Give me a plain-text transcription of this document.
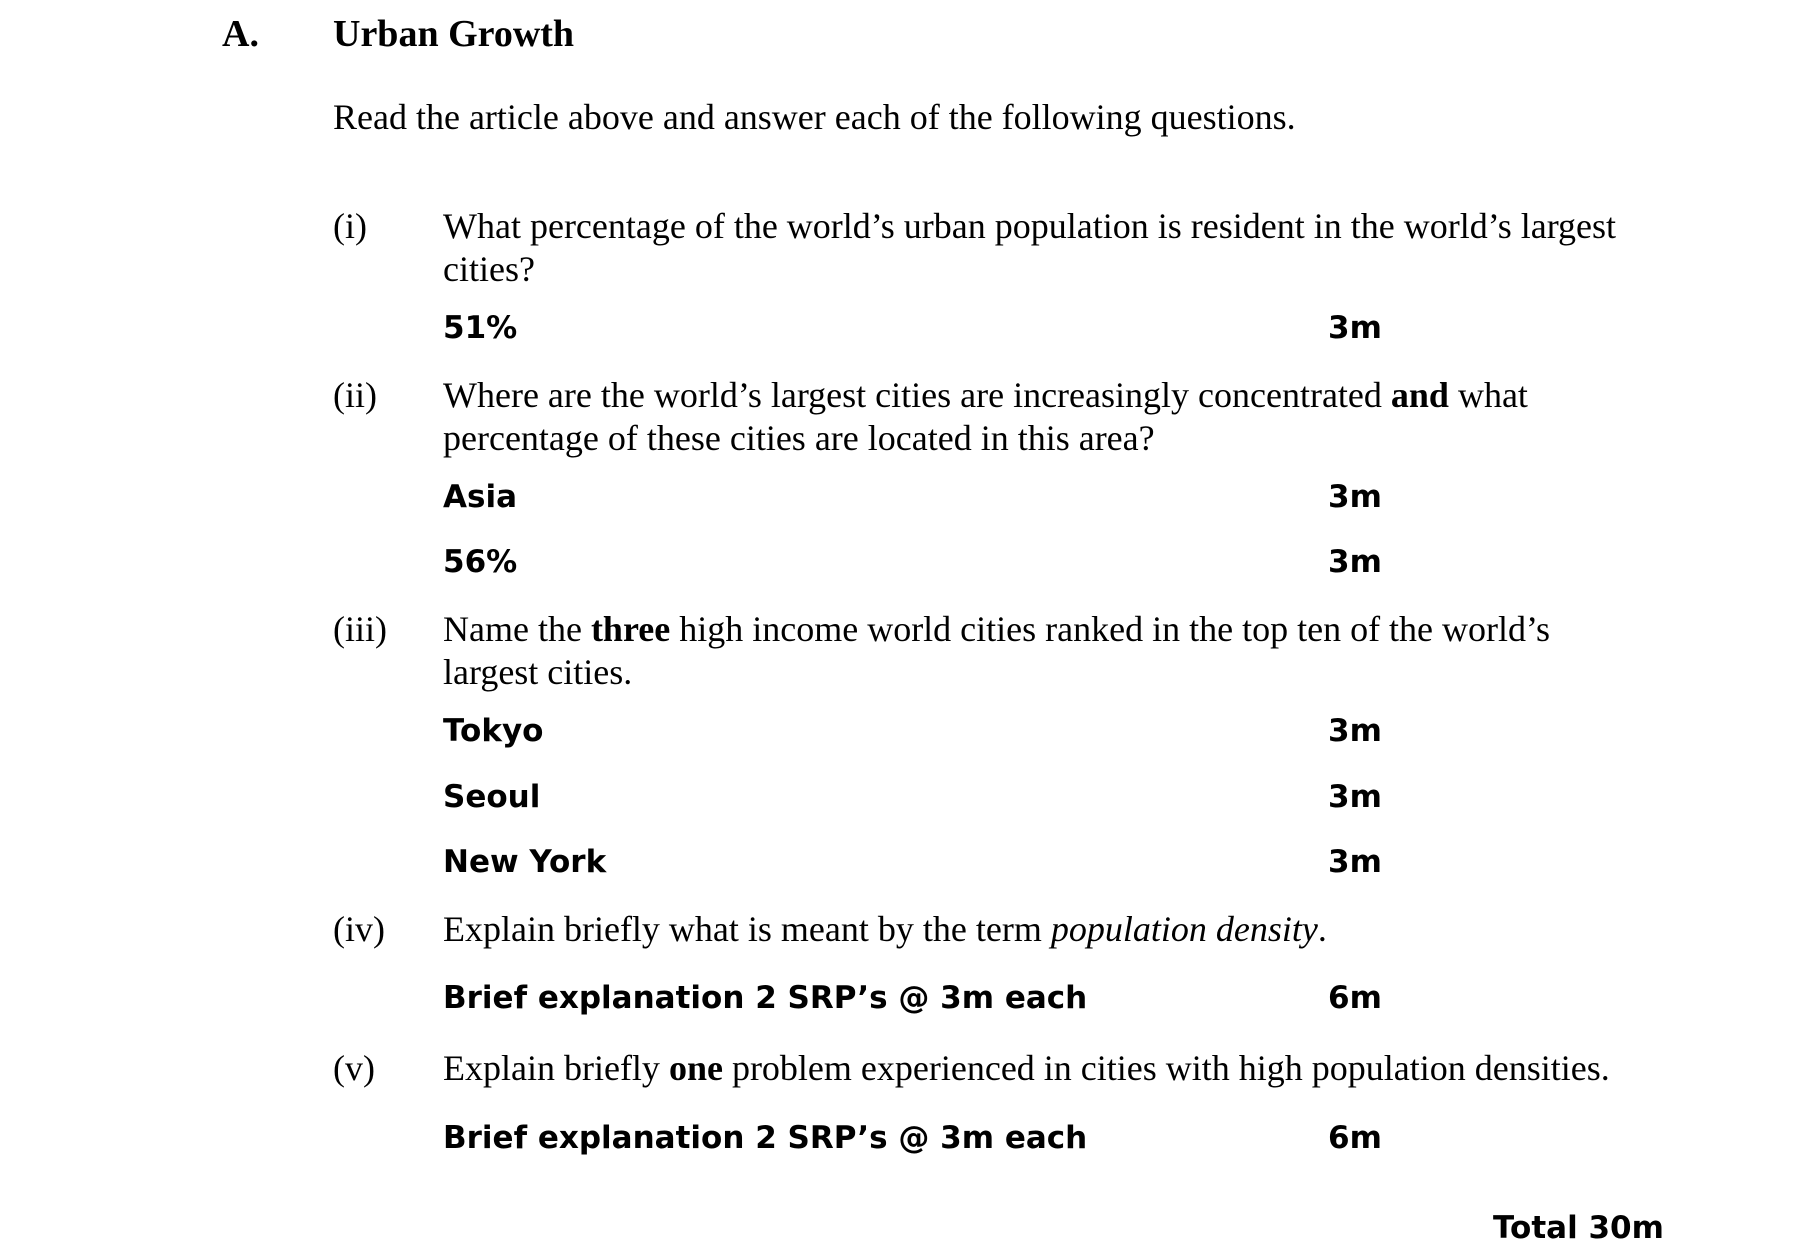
A. Urban Growth
Read the article above and answer each of the following questions.
(i) What percentage of the world’s urban population is resident in the world’s largest
cities?
51%	3m
(ii) Where are the world’s largest cities are increasingly concentrated and what
percentage of these cities are located in this area?
Asia	3m
56%	3m
(iii) Name the three high income world cities ranked in the top ten of the world’s
largest cities.
Tokyo	3m
Seoul	3m
New York	3m
(iv) Explain briefly what is meant by the term population density.
Brief explanation 2 SRP’s @ 3m each	6m
(v) Explain briefly one problem experienced in cities with high population densities.
Brief explanation 2 SRP’s @ 3m each	6m
Total 30m
